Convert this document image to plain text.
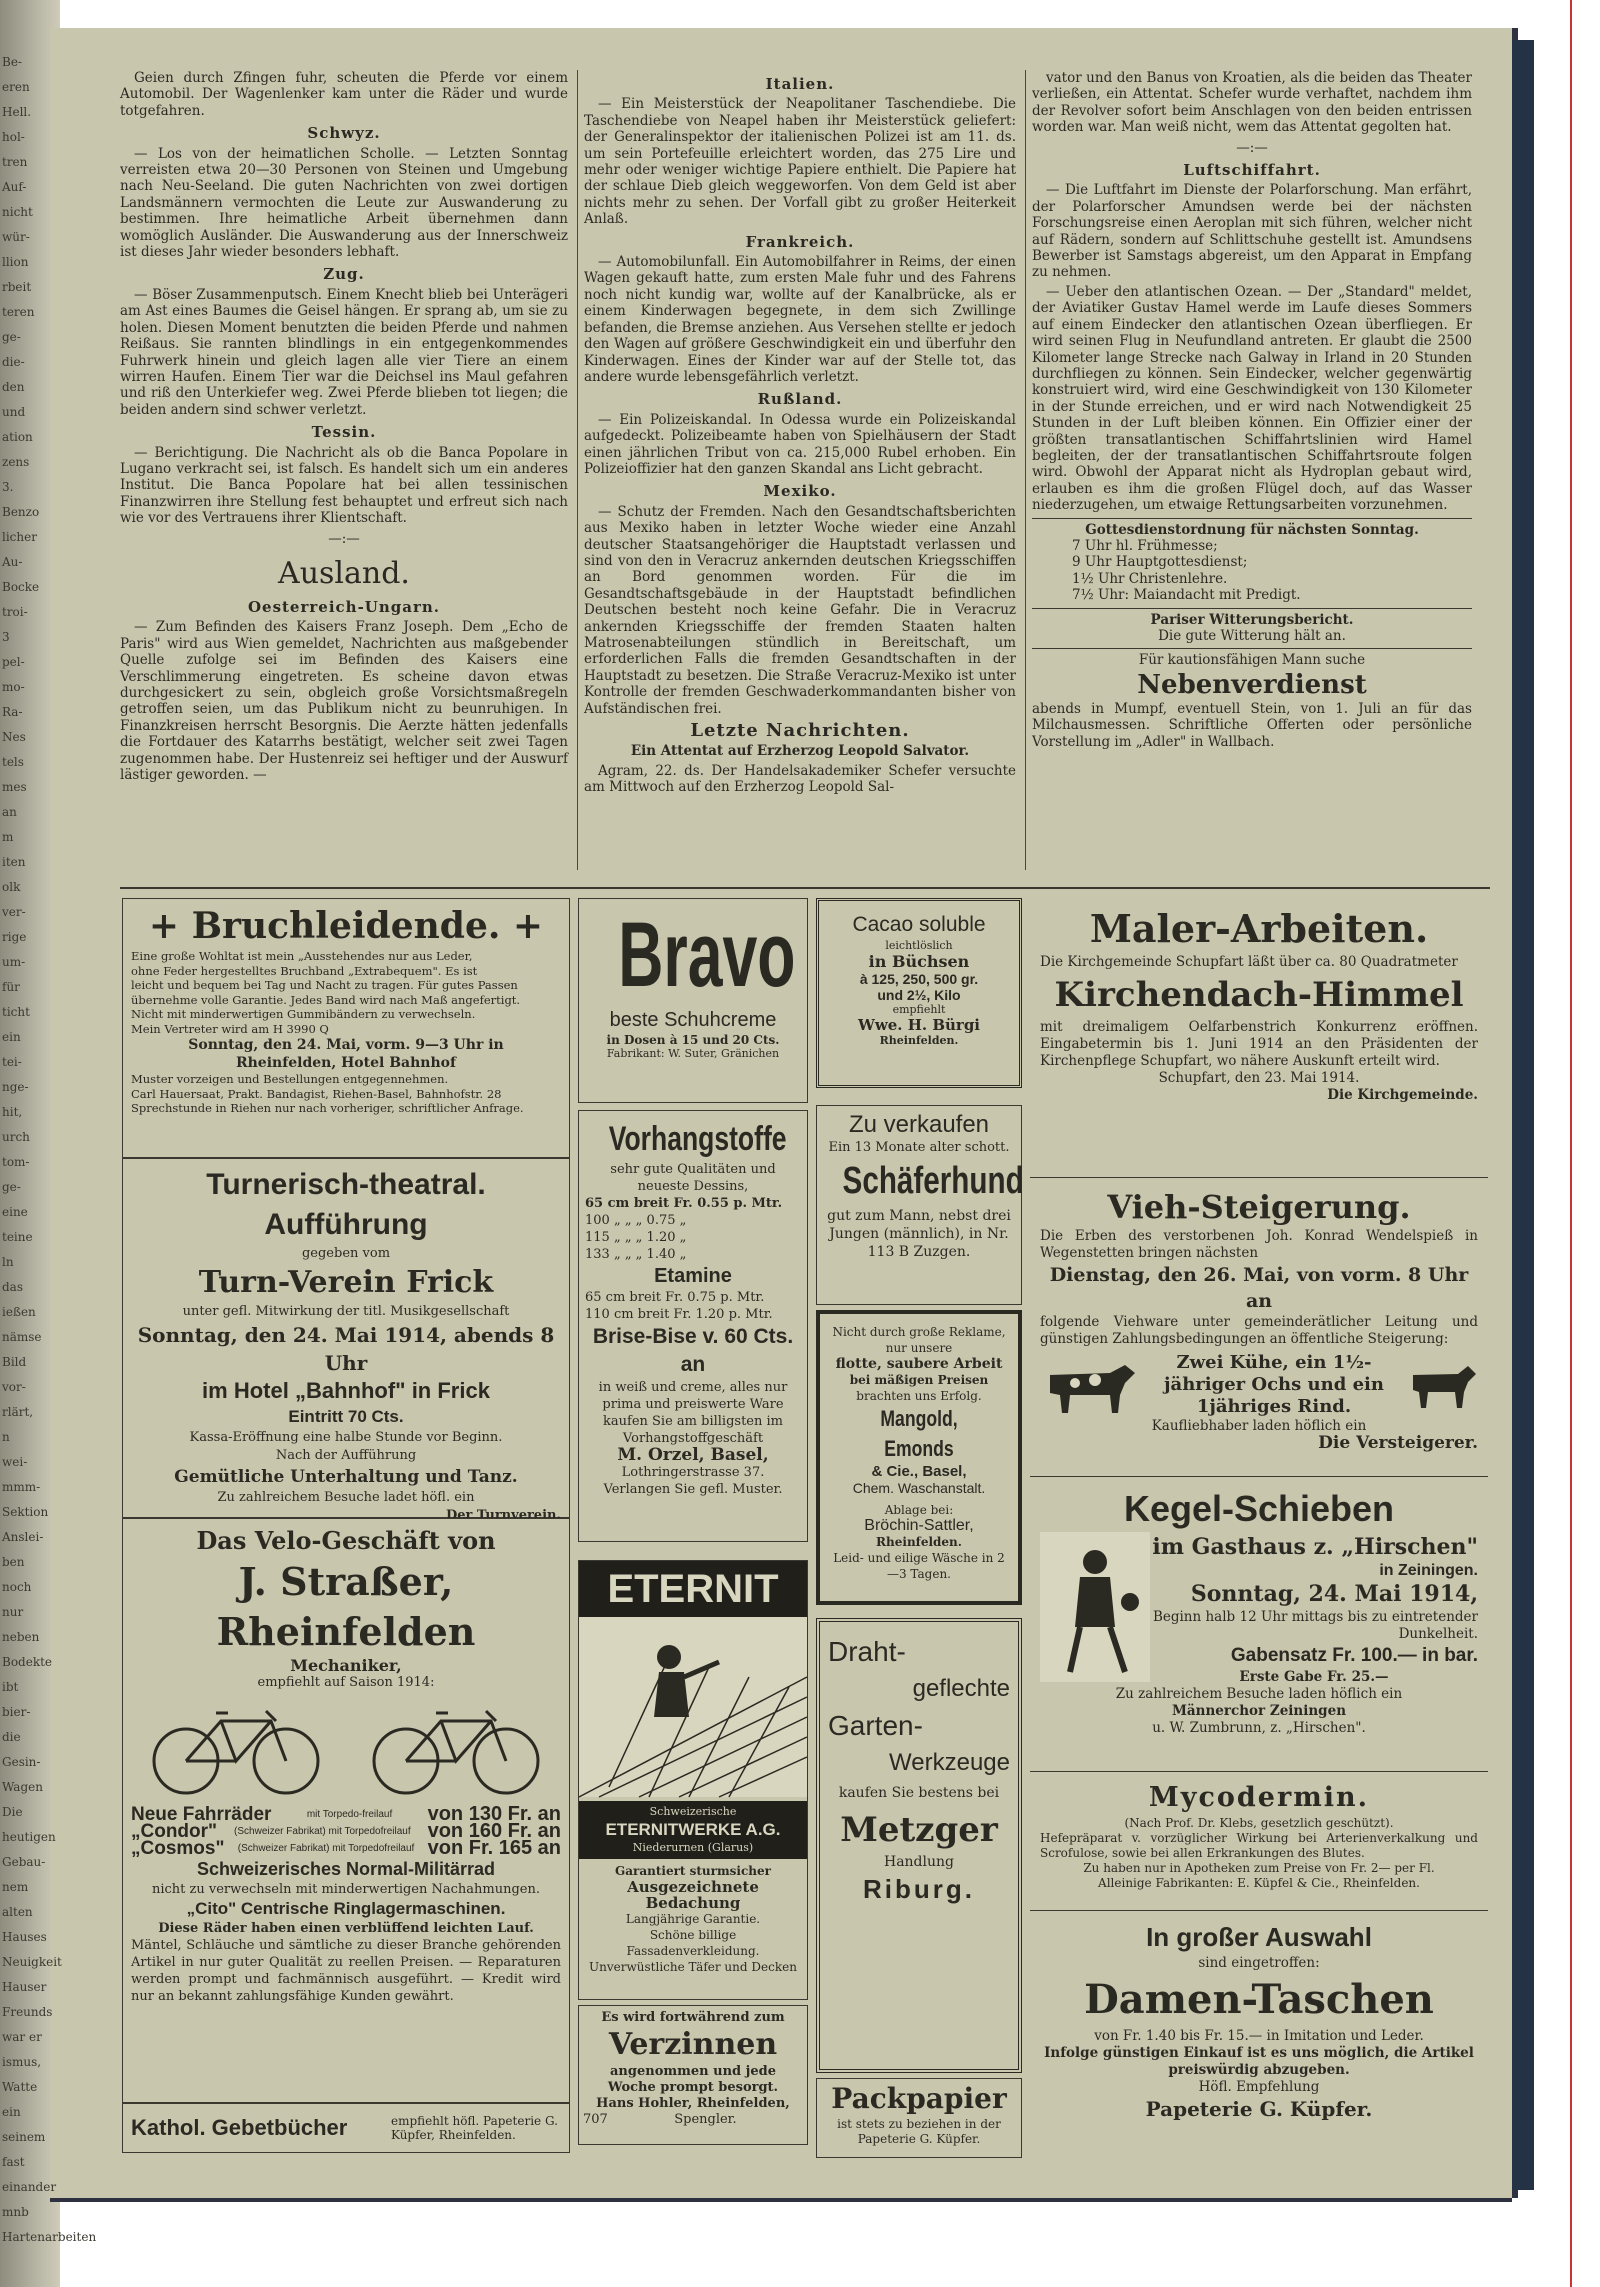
Geien durch Zfingen fuhr, scheuten die Pferde vor einem Automobil. Der Wagenlenker kam unter die Räder und wurde totgefahren.

Schwyz.

— Los von der heimatlichen Scholle. — Letzten Sonntag verreisten etwa 20—30 Personen von Steinen und Umgebung nach Neu-Seeland. Die guten Nachrichten von zwei dortigen Landsmännern vermochten die Leute zur Auswanderung zu bestimmen. Ihre heimatliche Arbeit übernehmen dann womöglich Ausländer. Die Auswanderung aus der Innerschweiz ist dieses Jahr wieder besonders lebhaft.

Zug.

— Böser Zusammenputsch. Einem Knecht blieb bei Unterägeri am Ast eines Baumes die Geisel hängen. Er sprang ab, um sie zu holen. Diesen Moment benutzten die beiden Pferde und nahmen Reißaus. Sie rannten blindlings in ein entgegenkommendes Fuhrwerk hinein und gleich lagen alle vier Tiere an einem wirren Haufen. Einem Tier war die Deichsel ins Maul gefahren und riß den Unterkiefer weg. Zwei Pferde blieben tot liegen; die beiden andern sind schwer verletzt.

Tessin.

— Berichtigung. Die Nachricht als ob die Banca Popolare in Lugano verkracht sei, ist falsch. Es handelt sich um ein anderes Institut. Die Banca Popolare hat bei allen tessinischen Finanzwirren ihre Stellung fest behauptet und erfreut sich nach wie vor des Vertrauens ihrer Klientschaft.

—:—
Ausland.
Oesterreich-Ungarn.

— Zum Befinden des Kaisers Franz Joseph. Dem „Echo de Paris" wird aus Wien gemeldet, Nachrichten aus maßgebender Quelle zufolge sei im Befinden des Kaisers eine Verschlimmerung eingetreten. Es scheine davon etwas durchgesickert zu sein, obgleich große Vorsichtsmaßregeln getroffen seien, um das Publikum nicht zu beunruhigen. In Finanzkreisen herrscht Besorgnis. Die Aerzte hätten jedenfalls die Fortdauer des Katarrhs bestätigt, welcher seit zwei Tagen zugenommen habe. Der Hustenreiz sei heftiger und der Auswurf lästiger geworden. —

Italien.

— Ein Meisterstück der Neapolitaner Taschendiebe. Die Taschendiebe von Neapel haben ihr Meisterstück geliefert: der Generalinspektor der italienischen Polizei ist am 11. ds. um sein Portefeuille erleichtert worden, das 275 Lire und mehr oder weniger wichtige Papiere enthielt. Die Papiere hat der schlaue Dieb gleich weggeworfen. Von dem Geld ist aber nichts mehr zu sehen. Der Vorfall gibt zu großer Heiterkeit Anlaß.

Frankreich.

— Automobilunfall. Ein Automobilfahrer in Reims, der einen Wagen gekauft hatte, zum ersten Male fuhr und des Fahrens noch nicht kundig war, wollte auf der Kanalbrücke, als er einem Kinderwagen begegnete, in dem sich Zwillinge befanden, die Bremse anziehen. Aus Versehen stellte er jedoch den Wagen auf größere Geschwindigkeit ein und überfuhr den Kinderwagen. Eines der Kinder war auf der Stelle tot, das andere wurde lebensgefährlich verletzt.

Rußland.

— Ein Polizeiskandal. In Odessa wurde ein Polizeiskandal aufgedeckt. Polizeibeamte haben von Spielhäusern der Stadt einen jährlichen Tribut von ca. 215,000 Rubel erhoben. Ein Polizeioffizier hat den ganzen Skandal ans Licht gebracht.

Mexiko.

— Schutz der Fremden. Nach den Gesandtschaftsberichten aus Mexiko haben in letzter Woche wieder eine Anzahl deutscher Staatsangehöriger die Hauptstadt verlassen und sind von den in Veracruz ankernden deutschen Kriegsschiffen an Bord genommen worden. Für die im Gesandtschaftsgebäude in der Hauptstadt befindlichen Deutschen besteht noch keine Gefahr. Die in Veracruz ankernden Kriegsschiffe der fremden Staaten halten Matrosenabteilungen stündlich in Bereitschaft, um erforderlichen Falls die fremden Gesandtschaften in der Hauptstadt zu besetzen. Die Straße Veracruz-Mexiko ist unter Kontrolle der fremden Geschwaderkommandanten bisher von Aufständischen frei.

Letzte Nachrichten.

Ein Attentat auf Erzherzog Leopold Salvator.

Agram, 22. ds. Der Handelsakademiker Schefer versuchte am Mittwoch auf den Erzherzog Leopold Sal-

vator und den Banus von Kroatien, als die beiden das Theater verließen, ein Attentat. Schefer wurde verhaftet, nachdem ihm der Revolver sofort beim Anschlagen von den beiden entrissen worden war. Man weiß nicht, wem das Attentat gegolten hat.

—:—
Luftschiffahrt.

— Die Luftfahrt im Dienste der Polarforschung. Man erfährt, der Polarforscher Amundsen werde bei der nächsten Forschungsreise einen Aeroplan mit sich führen, welcher nicht auf Rädern, sondern auf Schlittschuhe gestellt ist. Amundsens Bewerber ist Samstags abgereist, um den Apparat in Empfang zu nehmen.

— Ueber den atlantischen Ozean. — Der „Standard" meldet, der Aviatiker Gustav Hamel werde im Laufe dieses Sommers auf einem Eindecker den atlantischen Ozean überfliegen. Er wird seinen Flug in Neufundland antreten. Er glaubt die 2500 Kilometer lange Strecke nach Galway in Irland in 20 Stunden durchfliegen zu können. Sein Eindecker, welcher gegenwärtig konstruiert wird, wird eine Geschwindigkeit von 130 Kilometer in der Stunde erreichen, und er wird nach Notwendigkeit 25 Stunden in der Luft bleiben können. Ein Offizier einer der größten transatlantischen Schiffahrtslinien wird Hamel begleiten, der der transatlantischen Schiffahrtsroute folgen wird. Obwohl der Apparat nicht als Hydroplan gebaut wird, erlauben es ihm die großen Flügel doch, auf das Wasser niederzugehen, um etwaige Rettungsarbeiten vorzunehmen.

Gottesdienstordnung für nächsten Sonntag.
7 Uhr hl. Frühmesse;
9 Uhr Hauptgottesdienst;
1½ Uhr Christenlehre.
7½ Uhr: Maiandacht mit Predigt.
Pariser Witterungsbericht.
Die gute Witterung hält an.
Für kautionsfähigen Mann suche
Nebenverdienst
abends in Mumpf, eventuell Stein, von 1. Juli an für das Milchausmessen. Schriftliche Offerten oder persönliche Vorstellung im „Adler" in Wallbach.
+ Bruchleidende. +
Eine große Wohltat ist mein „Ausstehendes nur aus Leder,
ohne Feder hergestelltes Bruchband „Extrabequem". Es ist
leicht und bequem bei Tag und Nacht zu tragen. Für gutes Passen
übernehme volle Garantie. Jedes Band wird nach Maß angefertigt.
Nicht mit minderwertigen Gummibändern zu verwechseln.
Mein Vertreter wird am H 3990 Q
Sonntag, den 24. Mai, vorm. 9—3 Uhr in
Rheinfelden, Hotel Bahnhof
Muster vorzeigen und Bestellungen entgegennehmen.
Carl Hauersaat, Prakt. Bandagist, Riehen-Basel, Bahnhofstr. 28
Sprechstunde in Riehen nur nach vorheriger, schriftlicher Anfrage.
Turnerisch-theatral. Aufführung
gegeben vom
Turn-Verein Frick
unter gefl. Mitwirkung der titl. Musikgesellschaft
Sonntag, den 24. Mai 1914, abends 8 Uhr
im Hotel „Bahnhof" in Frick
Eintritt 70 Cts.
Kassa-Eröffnung eine halbe Stunde vor Beginn.
Nach der Aufführung
Gemütliche Unterhaltung und Tanz.
Zu zahlreichem Besuche ladet höfl. ein
Der Turnverein.
Das Velo-Geschäft von
J. Straßer, Rheinfelden
Mechaniker,
empfiehlt auf Saison 1914:
Neue Fahrräder	mit Torpedo-freilauf von 130 Fr. an
„Condor" (Schweizer Fabrikat) mit Torpedofreilauf von 160 Fr. an
„Cosmos" (Schweizer Fabrikat) mit Torpedofreilauf von Fr. 165 an
Schweizerisches Normal-Militärrad
nicht zu verwechseln mit minderwertigen Nachahmungen.
„Cito" Centrische Ringlagermaschinen.
Diese Räder haben einen verblüffend leichten Lauf.
Mäntel, Schläuche und sämtliche zu dieser Branche gehörenden Artikel in nur guter Qualität zu reellen Preisen. — Reparaturen werden prompt und fachmännisch ausgeführt. — Kredit wird nur an bekannt zahlungsfähige Kunden gewährt.
Kathol. Gebetbücher	empfiehlt höfl. Papeterie G. Küpfer, Rheinfelden.
Bravo
beste Schuhcreme
in Dosen à 15 und 20 Cts.
Fabrikant: W. Suter, Gränichen
Cacao soluble
leichtlöslich
in Büchsen
à 125, 250, 500 gr.
und 2½, Kilo
empfiehlt
Wwe. H. Bürgi
Rheinfelden.
Zu verkaufen
Ein 13 Monate alter schott.
Schäferhund
gut zum Mann, nebst drei Jungen (männlich), in Nr. 113 B Zuzgen.
Vorhangstoffe
sehr gute Qualitäten und neueste Dessins,
65 cm breit Fr. 0.55 p. Mtr.
100 „ „ „ 0.75 „
115 „ „ „ 1.20 „
133 „ „ „ 1.40 „
Etamine
65 cm breit Fr. 0.75 p. Mtr.
110 cm breit Fr. 1.20 p. Mtr.
Brise-Bise v. 60 Cts. an
in weiß und creme, alles nur
prima und preiswerte Ware
kaufen Sie am billigsten im
Vorhangstoffgeschäft
M. Orzel, Basel,
Lothringerstrasse 37.
Verlangen Sie gefl. Muster.
Nicht durch große Reklame,
nur unsere
flotte, saubere Arbeit
bei mäßigen Preisen
brachten uns Erfolg.
Mangold, Emonds
& Cie., Basel,
Chem. Waschanstalt.
Ablage bei:
Bröchin-Sattler,
Rheinfelden.
Leid- und eilige Wäsche in 2—3 Tagen.
ETERNIT
Schweizerische
ETERNITWERKE A.G.
Niederurnen (Glarus)
Garantiert sturmsicher
Ausgezeichnete Bedachung
Langjährige Garantie.
Schöne billige Fassadenverkleidung.
Unverwüstliche Täfer und Decken
Es wird fortwährend zum
Verzinnen
angenommen und jede
Woche prompt besorgt.
Hans Hohler, Rheinfelden,
707	Spengler.
Draht-
geflechte
Garten-
Werkzeuge
kaufen Sie bestens bei
Metzger
Handlung
Riburg.
Packpapier
ist stets zu beziehen in der Papeterie G. Küpfer.
Maler-Arbeiten.
Die Kirchgemeinde Schupfart läßt über ca. 80 Quadratmeter
Kirchendach-Himmel
mit dreimaligem Oelfarbenstrich Konkurrenz eröffnen. Eingabetermin bis 1. Juni 1914 an den Präsidenten der Kirchenpflege Schupfart, wo nähere Auskunft erteilt wird.
Schupfart, den 23. Mai 1914.
Die Kirchgemeinde.
Vieh-Steigerung.
Die Erben des verstorbenen Joh. Konrad Wendelspieß in Wegenstetten bringen nächsten
Dienstag, den 26. Mai, von vorm. 8 Uhr an
folgende Viehware unter gemeinderätlicher Leitung und günstigen Zahlungsbedingungen an öffentliche Steigerung:
Zwei Kühe, ein 1½-jähriger Ochs und ein 1jähriges Rind.
Kaufliebhaber laden höflich ein
Die Versteigerer.
Kegel-Schieben
im Gasthaus z. „Hirschen"
in Zeiningen.
Sonntag, 24. Mai 1914,
Beginn halb 12 Uhr mittags bis zu eintretender Dunkelheit.
Gabensatz Fr. 100.— in bar.
Erste Gabe Fr. 25.—
Zu zahlreichem Besuche laden höflich ein
Männerchor Zeiningen
u. W. Zumbrunn, z. „Hirschen".
Mycodermin.
(Nach Prof. Dr. Klebs, gesetzlich geschützt).
Hefepräparat v. vorzüglicher Wirkung bei Arterienverkalkung und Scrofulose, sowie bei allen Erkrankungen des Blutes.
Zu haben nur in Apotheken zum Preise von Fr. 2— per Fl.
Alleinige Fabrikanten: E. Küpfel & Cie., Rheinfelden.
In großer Auswahl
sind eingetroffen:
Damen-Taschen
von Fr. 1.40 bis Fr. 15.— in Imitation und Leder.
Infolge günstigen Einkauf ist es uns möglich, die Artikel preiswürdig abzugeben.
Höfl. Empfehlung
Papeterie G. Küpfer.
Be-
eren
Hell.
hol-
tren
Auf-
nicht
wür-
llion
rbeit
teren
ge-
die-
den
und
ation
zens
3.
Benzo
licher
Au-
Bocke
troi-
3
pel-
mo-
Ra-
Nes
tels
mes
an
m
iten
olk
ver-
rige
um-
für
ticht
ein
tei-
nge-
hit,
urch
tom-
ge-
eine
teine
ln
das
ießen
nämse
Bild
vor-
rlärt,
n
wei-
mmm-
Sektion
Anslei-
ben
noch
nur
neben
Bodekte
ibt
bier-
die
Gesin-
Wagen
Die
heutigen
Gebau-
nem alten
Hauses
Neuigkeit
Hauser
Freunds
war er
ismus,
Watte
ein
seinem
fast
einander
mnb
Hartenarbeiten
